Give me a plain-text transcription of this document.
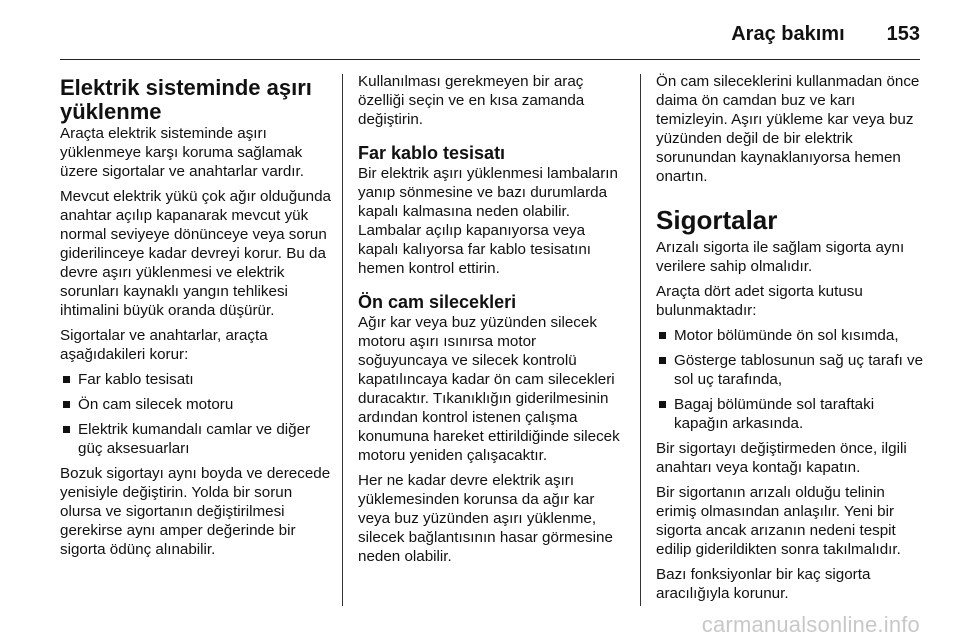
Araç bakımı 153
Elektrik sisteminde aşırı yüklenme

Araçta elektrik sisteminde aşırı yüklenmeye karşı koruma sağlamak üzere sigortalar ve anahtarlar vardır.

Mevcut elektrik yükü çok ağır olduğunda anahtar açılıp kapanarak mevcut yük normal seviyeye dönünceye veya sorun giderilinceye kadar devreyi korur. Bu da devre aşırı yüklenmesi ve elektrik sorunları kaynaklı yangın tehlikesi ihtimalini büyük oranda düşürür.

Sigortalar ve anahtarlar, araçta aşağıdakileri korur:

Far kablo tesisatı
Ön cam silecek motoru
Elektrik kumandalı camlar ve diğer güç aksesuarları

Bozuk sigortayı aynı boyda ve derecede yenisiyle değiştirin. Yolda bir sorun olursa ve sigortanın değiştirilmesi gerekirse aynı amper değerinde bir sigorta ödünç alınabilir.

Kullanılması gerekmeyen bir araç özelliği seçin ve en kısa zamanda değiştirin.

Far kablo tesisatı

Bir elektrik aşırı yüklenmesi lambaların yanıp sönmesine ve bazı durumlarda kapalı kalmasına neden olabilir. Lambalar açılıp kapanıyorsa veya kapalı kalıyorsa far kablo tesisatını hemen kontrol ettirin.

Ön cam silecekleri

Ağır kar veya buz yüzünden silecek motoru aşırı ısınırsa motor soğuyuncaya ve silecek kontrolü kapatılıncaya kadar ön cam silecekleri duracaktır. Tıkanıklığın giderilmesinin ardından kontrol istenen çalışma konumuna hareket ettirildiğinde silecek motoru yeniden çalışacaktır.

Her ne kadar devre elektrik aşırı yüklemesinden korunsa da ağır kar veya buz yüzünden aşırı yüklenme, silecek bağlantısının hasar görmesine neden olabilir.

Ön cam sileceklerini kullanmadan önce daima ön camdan buz ve karı temizleyin. Aşırı yükleme kar veya buz yüzünden değil de bir elektrik sorunundan kaynaklanıyorsa hemen onartın.

Sigortalar

Arızalı sigorta ile sağlam sigorta aynı verilere sahip olmalıdır.

Araçta dört adet sigorta kutusu bulunmaktadır:

Motor bölümünde ön sol kısımda,
Gösterge tablosunun sağ uç tarafı ve sol uç tarafında,
Bagaj bölümünde sol taraftaki kapağın arkasında.

Bir sigortayı değiştirmeden önce, ilgili anahtarı veya kontağı kapatın.

Bir sigortanın arızalı olduğu telinin erimiş olmasından anlaşılır. Yeni bir sigorta ancak arızanın nedeni tespit edilip giderildikten sonra takılmalıdır.

Bazı fonksiyonlar bir kaç sigorta aracılığıyla korunur.

carmanualsonline.info
